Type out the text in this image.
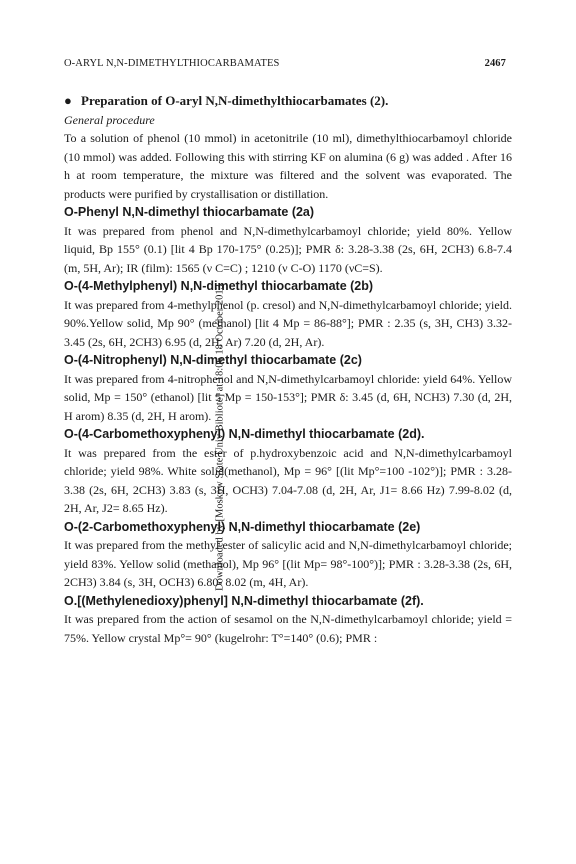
O-ARYL N,N-DIMETHYLTHIOCARBAMATES	2467
Downloaded by [Moskow State Univ Bibliote] at 18:06 18 October 2013

● Preparation of O-aryl N,N-dimethylthiocarbamates (2).

General procedure

To a solution of phenol (10 mmol) in acetonitrile (10 ml), dimethylthiocarbamoyl chloride (10 mmol) was added. Following this with stirring KF on alumina (6 g) was added . After 16 h at room temperature, the mixture was filtered and the solvent was evaporated. The products were purified by crystallisation or distillation.

O-Phenyl N,N-dimethyl thiocarbamate (2a)

It was prepared from phenol and N,N-dimethylcarbamoyl chloride; yield 80%. Yellow liquid, Bp 155° (0.1) [lit 4 Bp 170-175° (0.25)]; PMR δ: 3.28-3.38 (2s, 6H, 2CH3) 6.8-7.4 (m, 5H, Ar); IR (film): 1565 (ν C=C) ; 1210 (ν C-O) 1170 (νC=S).

O-(4-Methylphenyl) N,N-dimethyl thiocarbamate (2b)

It was prepared from 4-methylphenol (p. cresol) and N,N-dimethylcarbamoyl chloride; yield. 90%.Yellow solid, Mp 90° (methanol) [lit 4 Mp = 86-88°]; PMR : 2.35 (s, 3H, CH3) 3.32-3.45 (2s, 6H, 2CH3) 6.95 (d, 2H, Ar) 7.20 (d, 2H, Ar).

O-(4-Nitrophenyl) N,N-dimethyl thiocarbamate (2c)

It was prepared from 4-nitrophenol and N,N-dimethylcarbamoyl chloride: yield 64%. Yellow solid, Mp = 150° (ethanol) [lit 5 Mp = 150-153°]; PMR δ: 3.45 (d, 6H, NCH3) 7.30 (d, 2H, H arom) 8.35 (d, 2H, H arom).

O-(4-Carbomethoxyphenyl) N,N-dimethyl thiocarbamate (2d).

It was prepared from the ester of p.hydroxybenzoic acid and N,N-dimethylcarbamoyl chloride; yield 98%. White solid(methanol), Mp = 96° [(lit Mp°=100 -102°)]; PMR : 3.28-3.38 (2s, 6H, 2CH3) 3.83 (s, 3H, OCH3) 7.04-7.08 (d, 2H, Ar, J1= 8.66 Hz) 7.99-8.02 (d, 2H, Ar, J2= 8.65 Hz).

O-(2-Carbomethoxyphenyl) N,N-dimethyl thiocarbamate (2e)

It was prepared from the methyl ester of salicylic acid and N,N-dimethylcarbamoyl chloride; yield 83%. Yellow solid (methanol), Mp 96° [(lit Mp= 98°-100°)]; PMR : 3.28-3.38 (2s, 6H, 2CH3) 3.84 (s, 3H, OCH3) 6.80- 8.02 (m, 4H, Ar).

O.[(Methylenedioxy)phenyl] N,N-dimethyl thiocarbamate (2f).

It was prepared from the action of sesamol on the N,N-dimethylcarbamoyl chloride; yield = 75%. Yellow crystal Mp°= 90° (kugelrohr: T°=140° (0.6); PMR :
